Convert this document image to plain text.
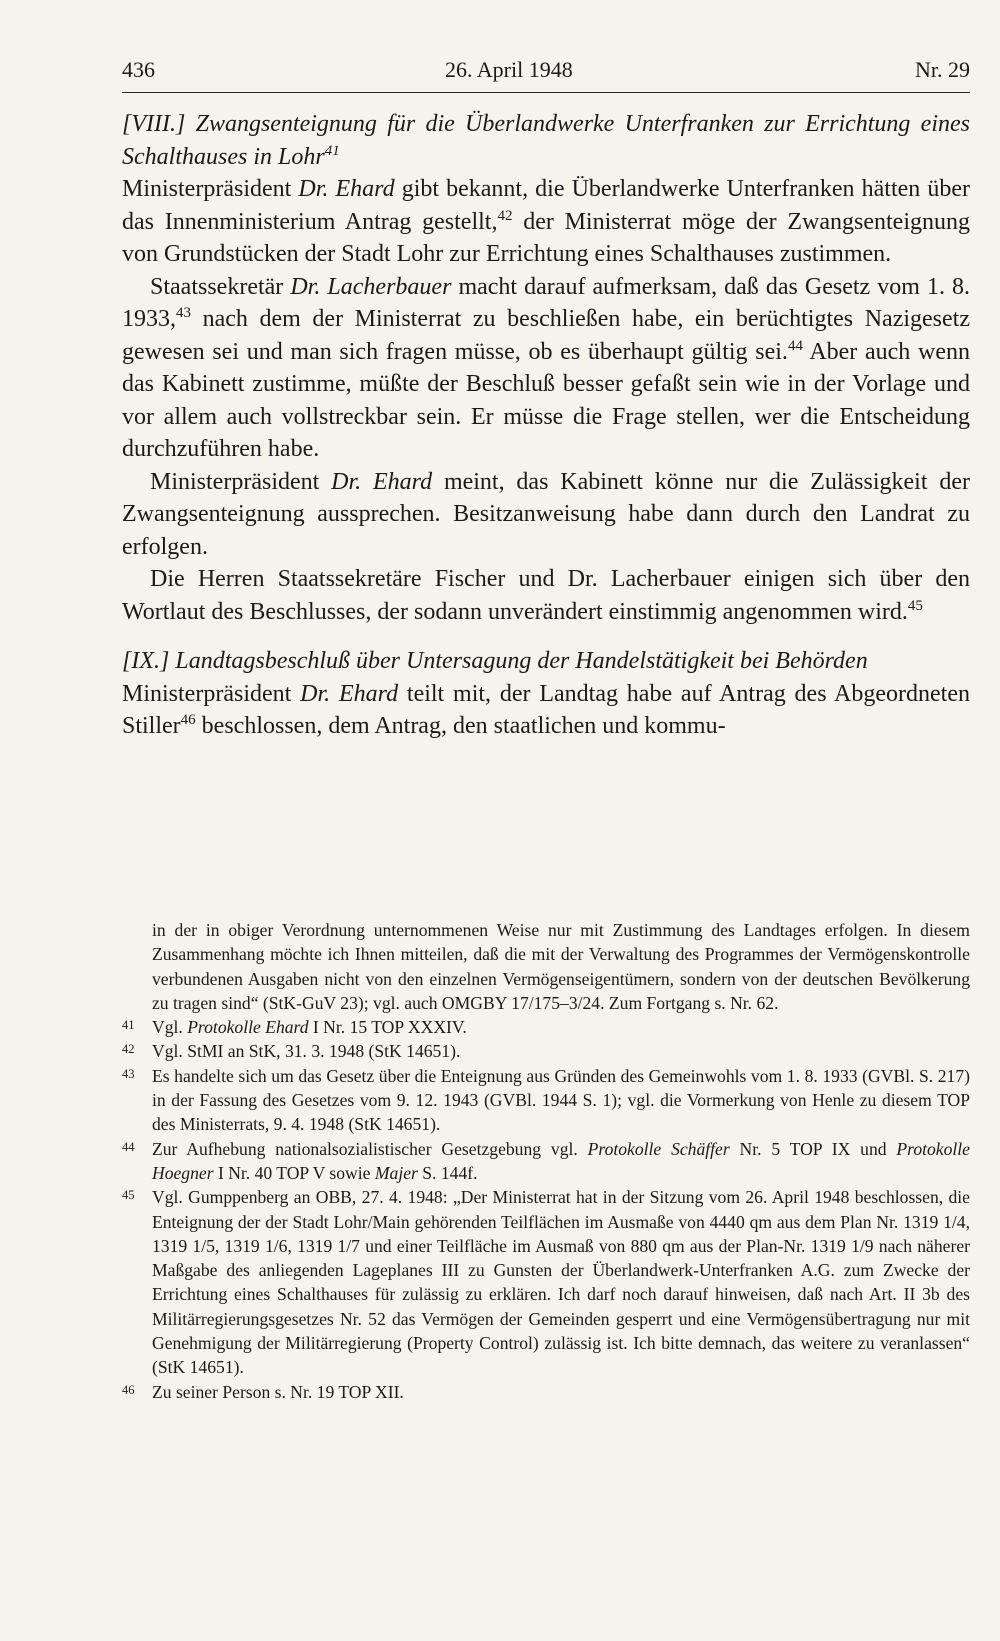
436	26. April 1948	Nr. 29
[VIII.] Zwangsenteignung für die Überlandwerke Unterfranken zur Errichtung eines Schalthauses in Lohr$^{41}$

Ministerpräsident Dr. Ehard gibt bekannt, die Überlandwerke Unterfranken hätten über das Innenministerium Antrag gestellt,$^{42}$ der Ministerrat möge der Zwangsenteignung von Grundstücken der Stadt Lohr zur Errichtung eines Schalthauses zustimmen.

Staatssekretär Dr. Lacherbauer macht darauf aufmerksam, daß das Gesetz vom 1. 8. 1933,43 nach dem der Ministerrat zu beschließen habe, ein berüchtigtes Nazigesetz gewesen sei und man sich fragen müsse, ob es überhaupt gültig sei.$^{44}$ Aber auch wenn das Kabinett zustimme, müßte der Beschluß besser gefaßt sein wie in der Vorlage und vor allem auch vollstreckbar sein. Er müsse die Frage stellen, wer die Entscheidung durchzuführen habe.

Ministerpräsident Dr. Ehard meint, das Kabinett könne nur die Zulässigkeit der Zwangsenteignung aussprechen. Besitzanweisung habe dann durch den Landrat zu erfolgen.

Die Herren Staatssekretäre Fischer und Dr. Lacherbauer einigen sich über den Wortlaut des Beschlusses, der sodann unverändert einstimmig angenommen wird.$^{45}$

[IX.] Landtagsbeschluß über Untersagung der Handelstätigkeit bei Behörden

Ministerpräsident Dr. Ehard teilt mit, der Landtag habe auf Antrag des Abgeordneten Stiller$^{46}$ beschlossen, dem Antrag, den staatlichen und kommu-

in der in obiger Verordnung unternommenen Weise nur mit Zustimmung des Landtages erfolgen. In diesem Zusammenhang möchte ich Ihnen mitteilen, daß die mit der Verwaltung des Programmes der Vermögenskontrolle verbundenen Ausgaben nicht von den einzelnen Vermögenseigentümern, sondern von der deutschen Bevölkerung zu tragen sind“ (StK-GuV 23); vgl. auch OMGBY 17/175–3/24. Zum Fortgang s. Nr. 62.

41 Vgl. Protokolle Ehard I Nr. 15 TOP XXXIV.

42 Vgl. StMI an StK, 31. 3. 1948 (StK 14651).

43 Es handelte sich um das Gesetz über die Enteignung aus Gründen des Gemeinwohls vom 1. 8. 1933 (GVBl. S. 217) in der Fassung des Gesetzes vom 9. 12. 1943 (GVBl. 1944 S. 1); vgl. die Vormerkung von Henle zu diesem TOP des Ministerrats, 9. 4. 1948 (StK 14651).

44 Zur Aufhebung nationalsozialistischer Gesetzgebung vgl. Protokolle Schäffer Nr. 5 TOP IX und Protokolle Hoegner I Nr. 40 TOP V sowie Majer S. 144f.

45 Vgl. Gumppenberg an OBB, 27. 4. 1948: „Der Ministerrat hat in der Sitzung vom 26. April 1948 beschlossen, die Enteignung der der Stadt Lohr/Main gehörenden Teilflächen im Ausmaße von 4440 qm aus dem Plan Nr. 1319 1/4, 1319 1/5, 1319 1/6, 1319 1/7 und einer Teilfläche im Ausmaß von 880 qm aus der Plan-Nr. 1319 1/9 nach näherer Maßgabe des anliegenden Lageplanes III zu Gunsten der Überlandwerk-Unterfranken A.G. zum Zwecke der Errichtung eines Schalthauses für zulässig zu erklären. Ich darf noch darauf hinweisen, daß nach Art. II 3b des Militärregierungsgesetzes Nr. 52 das Vermögen der Gemeinden gesperrt und eine Vermögensübertragung nur mit Genehmigung der Militärregierung (Property Control) zulässig ist. Ich bitte demnach, das weitere zu veranlassen“ (StK 14651).

46 Zu seiner Person s. Nr. 19 TOP XII.
